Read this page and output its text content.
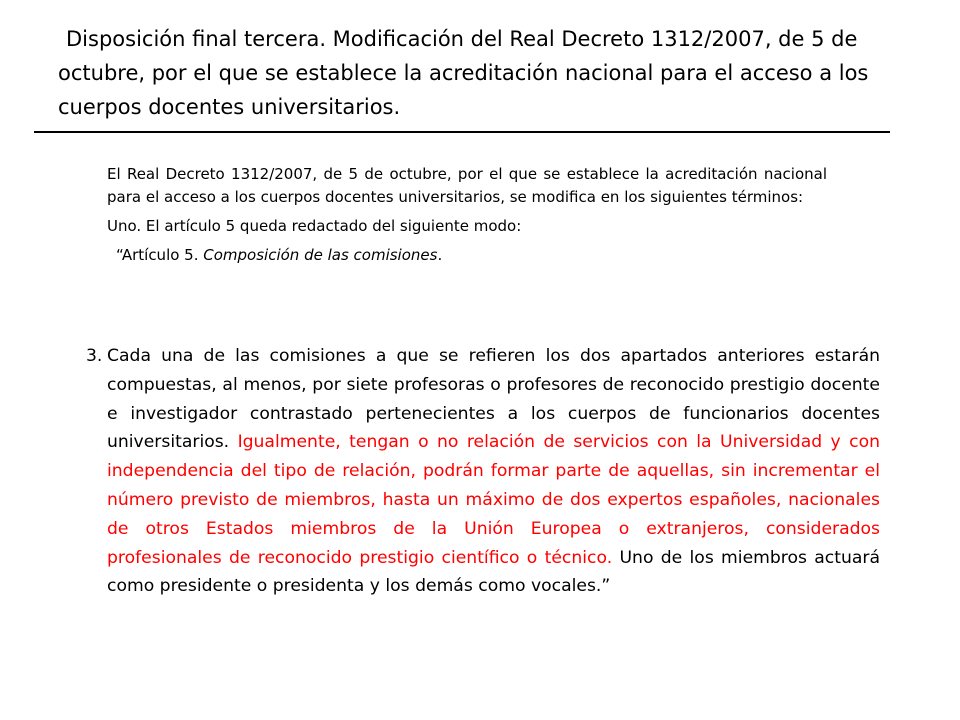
Disposición final tercera. Modificación del Real Decreto 1312/2007, de 5 de
octubre, por el que se establece la acreditación nacional para el acceso a los cuerpos docentes universitarios.

El Real Decreto 1312/2007, de 5 de octubre, por el que se establece la acreditación nacional para el acceso a los cuerpos docentes universitarios, se modifica en los siguientes términos:

Uno. El artículo 5 queda redactado del siguiente modo:

“Artículo 5. Composición de las comisiones.

3. Cada una de las comisiones a que se refieren los dos apartados anteriores estarán compuestas, al menos, por siete profesoras o profesores de reconocido prestigio docente e investigador contrastado pertenecientes a los cuerpos de funcionarios docentes universitarios. Igualmente, tengan o no relación de servicios con la Universidad y con independencia del tipo de relación, podrán formar parte de aquellas, sin incrementar el número previsto de miembros, hasta un máximo de dos expertos españoles, nacionales de otros Estados miembros de la Unión Europea o extranjeros, considerados profesionales de reconocido prestigio científico o técnico. Uno de los miembros actuará como presidente o presidenta y los demás como vocales.”
